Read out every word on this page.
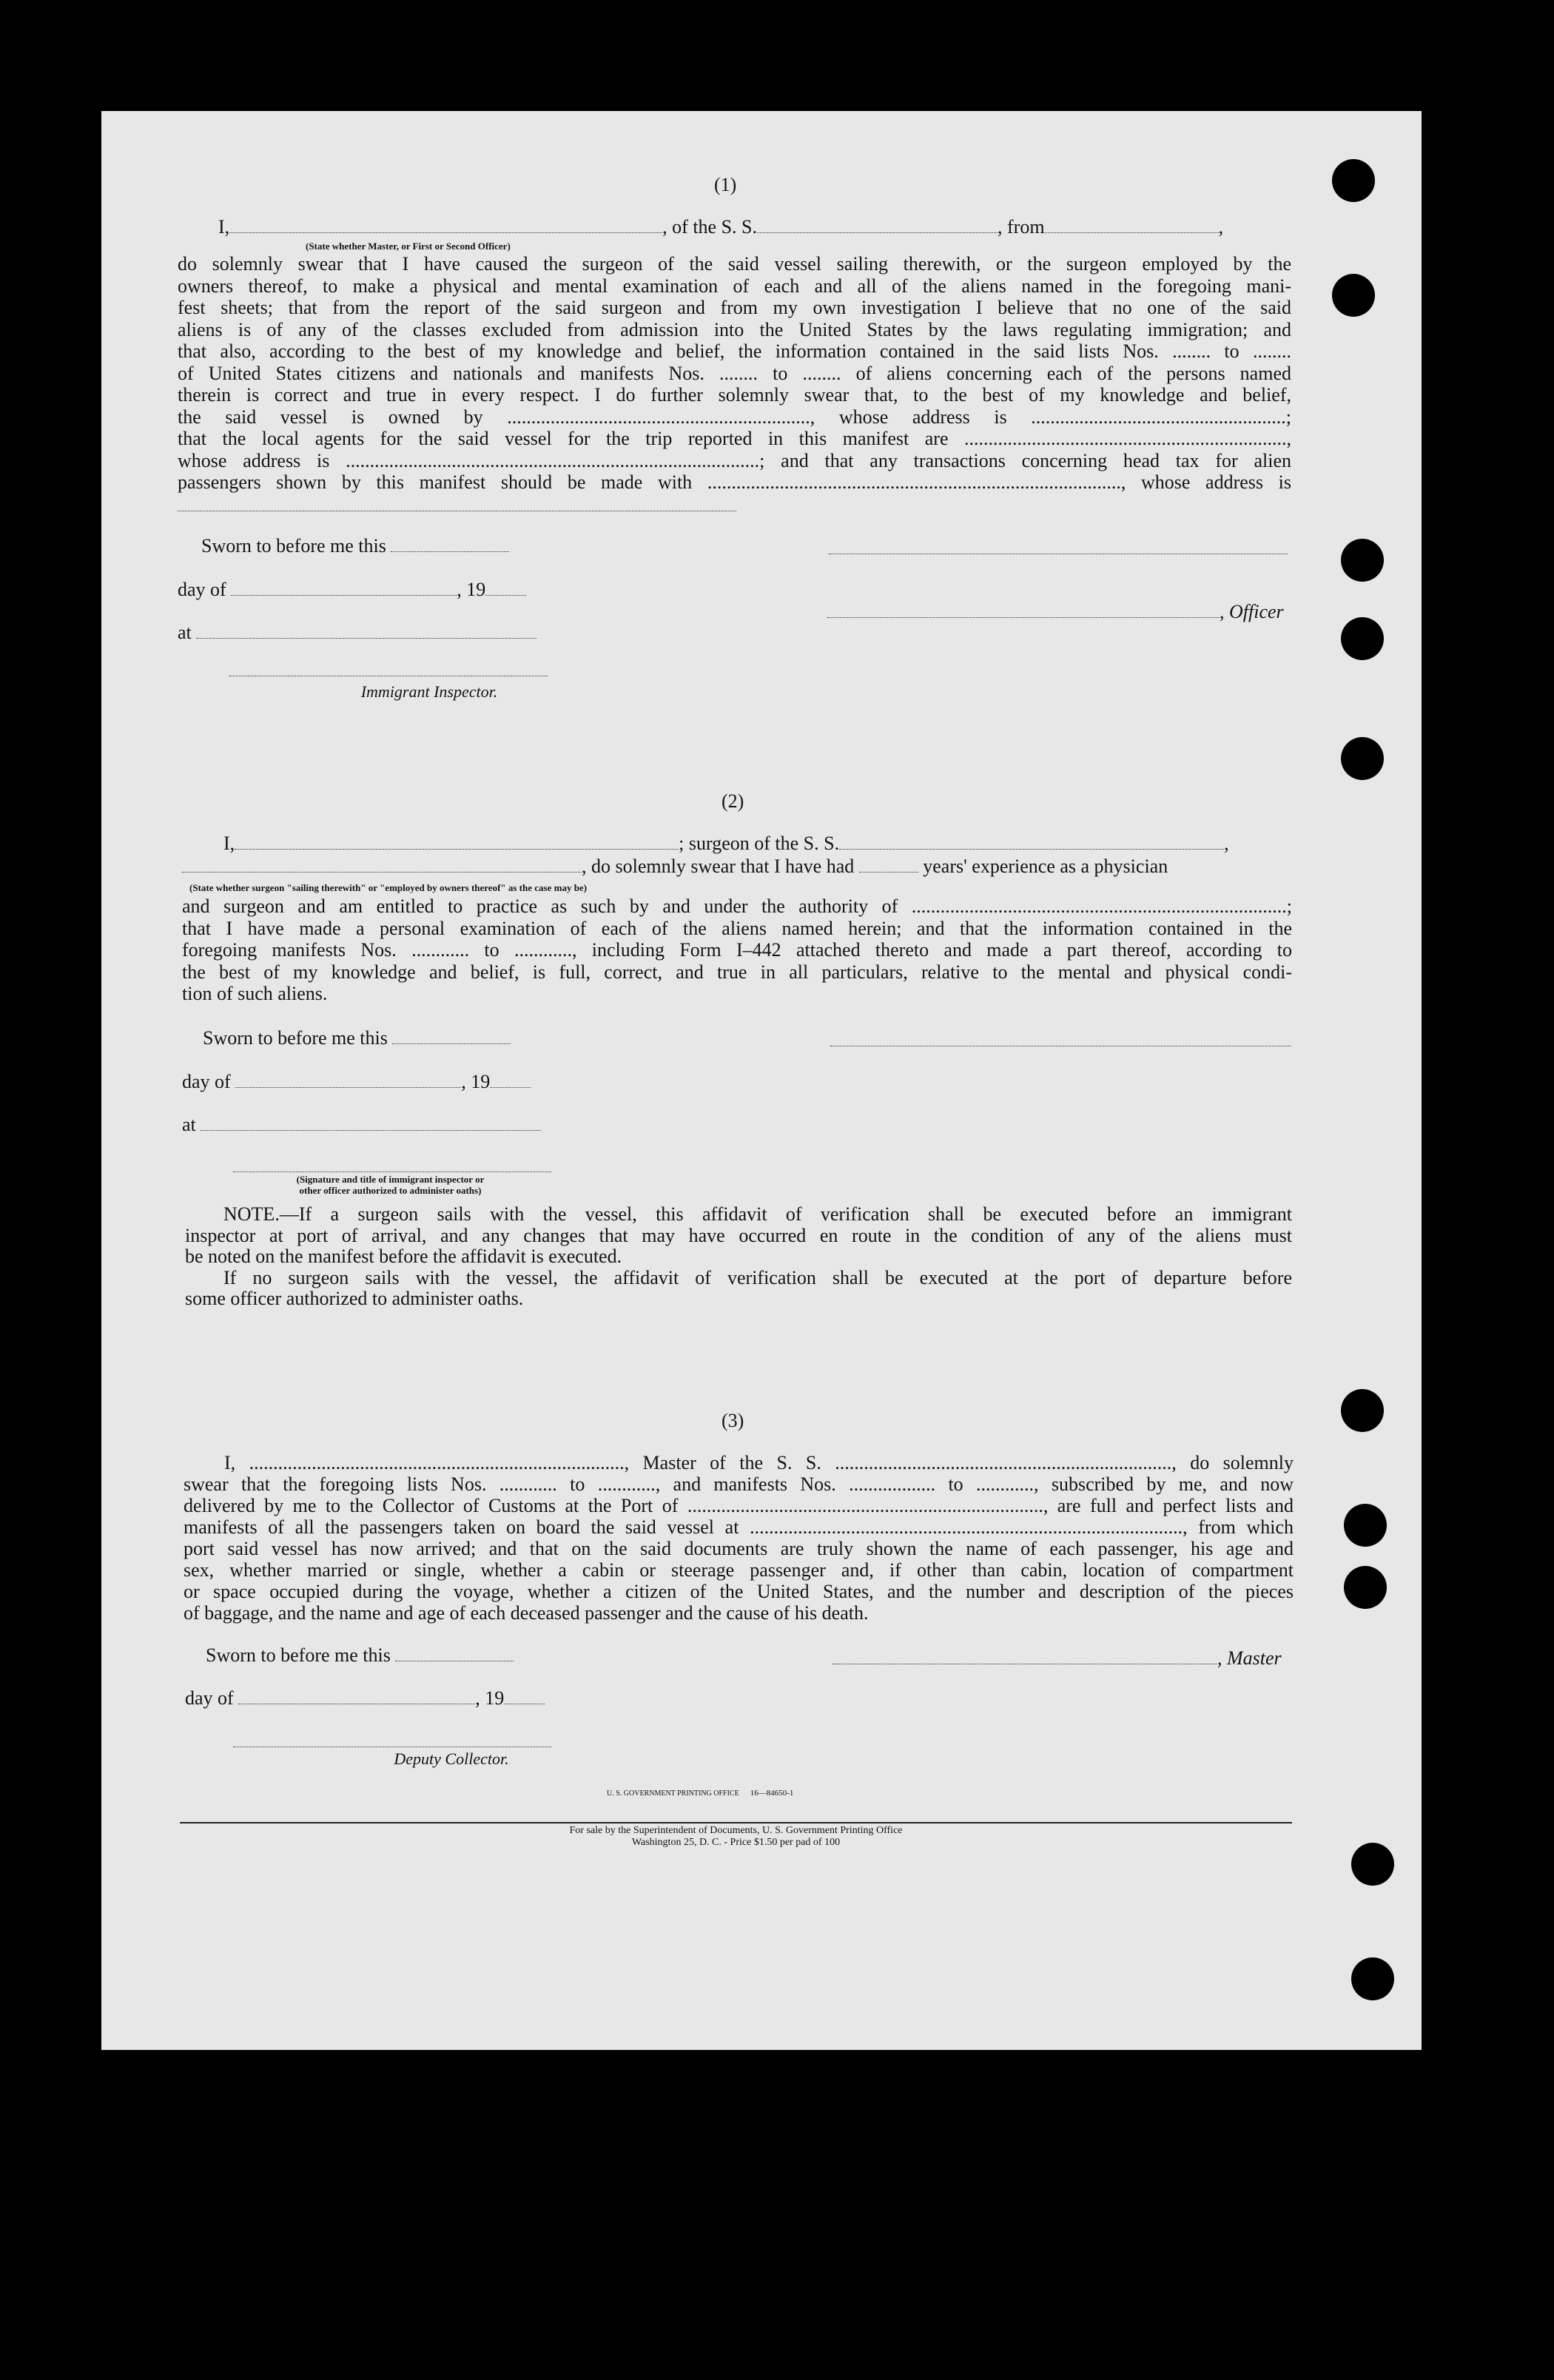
(1)
I,	, of the S. S.	, from	,
(State whether Master, or First or Second Officer)
do solemnly swear that I have caused the surgeon of the said vessel sailing therewith, or the surgeon employed by the
owners thereof, to make a physical and mental examination of each and all of the aliens named in the foregoing mani-
fest sheets; that from the report of the said surgeon and from my own investigation I believe that no one of the said
aliens is of any of the classes excluded from admission into the United States by the laws regulating immigration; and
that also, according to the best of my knowledge and belief, the information contained in the said lists Nos. ........ to ........
of United States citizens and nationals and manifests Nos. ........ to ........ of aliens concerning each of the persons named
therein is correct and true in every respect. I do further solemnly swear that, to the best of my knowledge and belief,
the said vessel is owned by ..............................................................., whose address is .....................................................;
that the local agents for the said vessel for the trip reported in this manifest are ...................................................................,
whose address is ......................................................................................; and that any transactions concerning head tax for alien
passengers shown by this manifest should be made with ......................................................................................, whose address is
Sworn to before me this
day of	, 19
, Officer
at
Immigrant Inspector.
(2)
I,	; surgeon of the S. S.	,
, do solemnly swear that I have had	years' experience as a physician
(State whether surgeon "sailing therewith" or "employed by owners thereof" as the case may be)
and surgeon and am entitled to practice as such by and under the authority of ..............................................................................;
that I have made a personal examination of each of the aliens named herein; and that the information contained in the
foregoing manifests Nos. ............ to ............, including Form I–442 attached thereto and made a part thereof, according to
the best of my knowledge and belief, is full, correct, and true in all particulars, relative to the mental and physical condi-
tion of such aliens.
Sworn to before me this
day of	, 19
at
(Signature and title of immigrant inspector or
other officer authorized to administer oaths)
NOTE.—If a surgeon sails with the vessel, this affidavit of verification shall be executed before an immigrant
inspector at port of arrival, and any changes that may have occurred en route in the condition of any of the aliens must
be noted on the manifest before the affidavit is executed.
If no surgeon sails with the vessel, the affidavit of verification shall be executed at the port of departure before
some officer authorized to administer oaths.
(3)
I, .............................................................................., Master of the S. S. ......................................................................, do solemnly
swear that the foregoing lists Nos. ............ to ............, and manifests Nos. .................. to ............, subscribed by me, and now
delivered by me to the Collector of Customs at the Port of .........................................................................., are full and perfect lists and
manifests of all the passengers taken on board the said vessel at .........................................................................................., from which
port said vessel has now arrived; and that on the said documents are truly shown the name of each passenger, his age and
sex, whether married or single, whether a cabin or steerage passenger and, if other than cabin, location of compartment
or space occupied during the voyage, whether a citizen of the United States, and the number and description of the pieces
of baggage, and the name and age of each deceased passenger and the cause of his death.
Sworn to before me this	, Master
day of	, 19
Deputy Collector.
U. S. GOVERNMENT PRINTING OFFICE 16—84650-1
For sale by the Superintendent of Documents, U. S. Government Printing Office
Washington 25, D. C. - Price $1.50 per pad of 100
